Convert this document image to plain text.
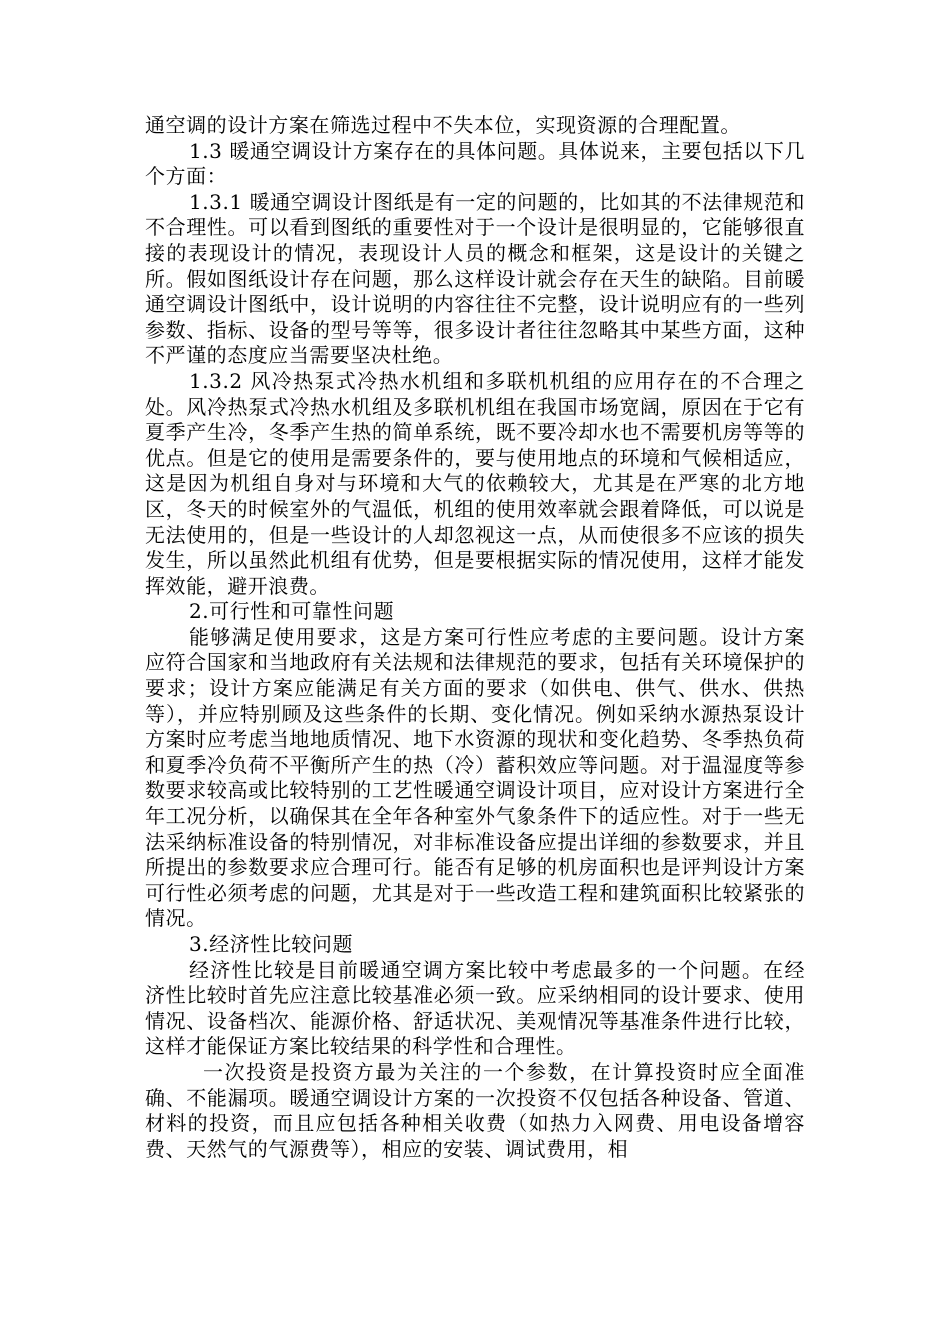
通空调的设计方案在筛选过程中不失本位，实现资源的合理配置。

1.3 暖通空调设计方案存在的具体问题。具体说来，主要包括以下几个方面：

1.3.1 暖通空调设计图纸是有一定的问题的，比如其的不法律规范和不合理性。可以看到图纸的重要性对于一个设计是很明显的，它能够很直接的表现设计的情况，表现设计人员的概念和框架，这是设计的关键之所。假如图纸设计存在问题，那么这样设计就会存在天生的缺陷。目前暖通空调设计图纸中，设计说明的内容往往不完整，设计说明应有的一些列参数、指标、设备的型号等等，很多设计者往往忽略其中某些方面，这种不严谨的态度应当需要坚决杜绝。

1.3.2 风冷热泵式冷热水机组和多联机机组的应用存在的不合理之处。风冷热泵式冷热水机组及多联机机组在我国市场宽阔，原因在于它有夏季产生冷，冬季产生热的简单系统，既不要冷却水也不需要机房等等的优点。但是它的使用是需要条件的，要与使用地点的环境和气候相适应，这是因为机组自身对与环境和大气的依赖较大，尤其是在严寒的北方地区，冬天的时候室外的气温低，机组的使用效率就会跟着降低，可以说是无法使用的，但是一些设计的人却忽视这一点，从而使很多不应该的损失发生，所以虽然此机组有优势，但是要根据实际的情况使用，这样才能发挥效能，避开浪费。

2.可行性和可靠性问题

能够满足使用要求，这是方案可行性应考虑的主要问题。设计方案应符合国家和当地政府有关法规和法律规范的要求，包括有关环境保护的要求；设计方案应能满足有关方面的要求（如供电、供气、供水、供热等），并应特别顾及这些条件的长期、变化情况。例如采纳水源热泵设计方案时应考虑当地地质情况、地下水资源的现状和变化趋势、冬季热负荷和夏季冷负荷不平衡所产生的热（冷）蓄积效应等问题。对于温湿度等参数要求较高或比较特别的工艺性暖通空调设计项目，应对设计方案进行全年工况分析，以确保其在全年各种室外气象条件下的适应性。对于一些无法采纳标准设备的特别情况，对非标准设备应提出详细的参数要求，并且所提出的参数要求应合理可行。能否有足够的机房面积也是评判设计方案可行性必须考虑的问题，尤其是对于一些改造工程和建筑面积比较紧张的情况。

3.经济性比较问题

经济性比较是目前暖通空调方案比较中考虑最多的一个问题。在经济性比较时首先应注意比较基准必须一致。应采纳相同的设计要求、使用情况、设备档次、能源价格、舒适状况、美观情况等基准条件进行比较，这样才能保证方案比较结果的科学性和合理性。

一次投资是投资方最为关注的一个参数，在计算投资时应全面准确、不能漏项。暖通空调设计方案的一次投资不仅包括各种设备、管道、材料的投资，而且应包括各种相关收费（如热力入网费、用电设备增容费、天然气的气源费等），相应的安装、调试费用，相
